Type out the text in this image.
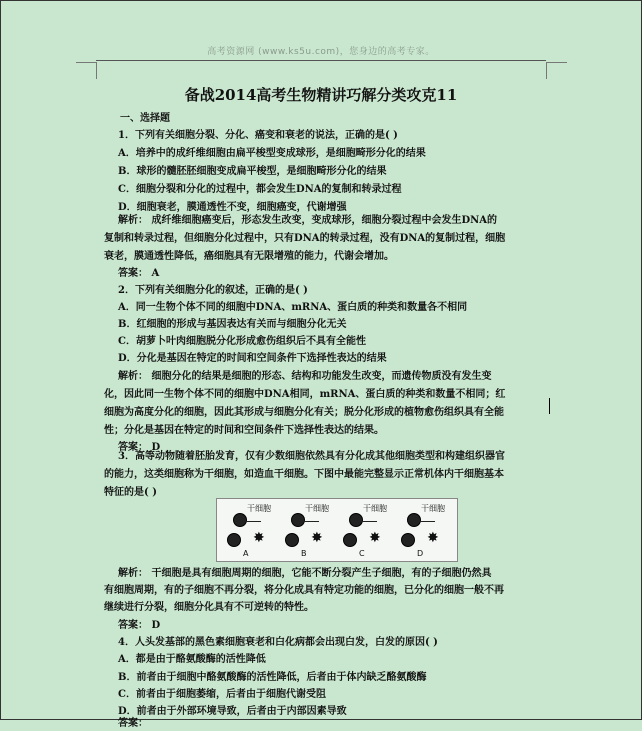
高考资源网 (www.ks5u.com)，您身边的高考专家。
备战2014高考生物精讲巧解分类攻克11
一、选择题
1．下列有关细胞分裂、分化、癌变和衰老的说法，正确的是( )
A．培养中的成纤维细胞由扁平梭型变成球形，是细胞畸形分化的结果
B．球形的髓胚胚细胞变成扁平梭型，是细胞畸形分化的结果
C．细胞分裂和分化的过程中，都会发生DNA的复制和转录过程
D．细胞衰老，膜通透性不变，细胞癌变，代谢增强
解析： 成纤维细胞癌变后，形态发生改变，变成球形，细胞分裂过程中会发生DNA的
复制和转录过程，但细胞分化过程中，只有DNA的转录过程，没有DNA的复制过程，细胞
衰老，膜通透性降低，癌细胞具有无限增殖的能力，代谢会增加。
答案： A
2．下列有关细胞分化的叙述，正确的是( )
A．同一生物个体不同的细胞中DNA、mRNA、蛋白质的种类和数量各不相同
B．红细胞的形成与基因表达有关而与细胞分化无关
C．胡萝卜叶肉细胞脱分化形成愈伤组织后不具有全能性
D．分化是基因在特定的时间和空间条件下选择性表达的结果
解析： 细胞分化的结果是细胞的形态、结构和功能发生改变，而遗传物质没有发生变
化，因此同一生物个体不同的细胞中DNA相同，mRNA、蛋白质的种类和数量不相同；红
细胞为高度分化的细胞，因此其形成与细胞分化有关；脱分化形成的植物愈伤组织具有全能
性；分化是基因在特定的时间和空间条件下选择性表达的结果。
答案： D
3．高等动物随着胚胎发育，仅有少数细胞依然具有分化成其他细胞类型和构建组织器官
的能力，这类细胞称为干细胞，如造血干细胞。下图中最能完整显示正常机体内干细胞基本
特征的是( )
解析： 干细胞是具有细胞周期的细胞，它能不断分裂产生子细胞，有的子细胞仍然具
有细胞周期，有的子细胞不再分裂，将分化成具有特定功能的细胞，已分化的细胞一般不再
继续进行分裂，细胞分化具有不可逆转的特性。
答案： D
4．人头发基部的黑色素细胞衰老和白化病都会出现白发，白发的原因( )
A．都是由于酪氨酸酶的活性降低
B．前者由于细胞中酪氨酸酶的活性降低，后者由于体内缺乏酪氨酸酶
C．前者由于细胞萎缩，后者由于细胞代谢受阻
D．前者由于外部环境导致，后者由于内部因素导致
答案：
干细胞
✸
A
干细胞
✸
B
干细胞
✸
C
干细胞
✸
D
